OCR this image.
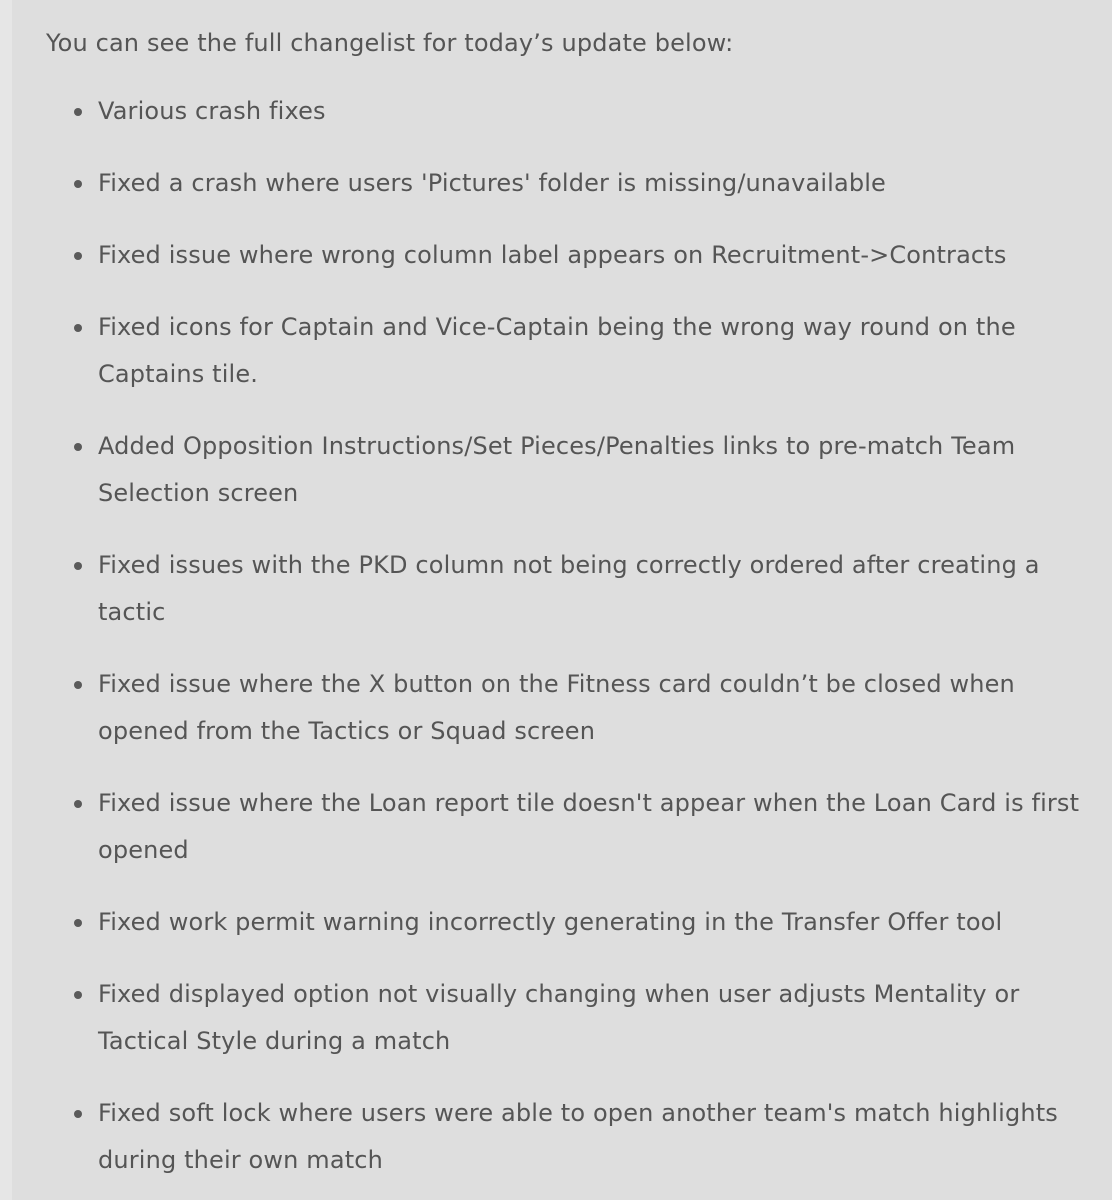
You can see the full changelist for today’s update below:

Various crash fixes
Fixed a crash where users 'Pictures' folder is missing/unavailable
Fixed issue where wrong column label appears on Recruitment->Contracts
Fixed icons for Captain and Vice-Captain being the wrong way round on the Captains tile.
Added Opposition Instructions/Set Pieces/Penalties links to pre-match Team Selection screen
Fixed issues with the PKD column not being correctly ordered after creating a tactic
Fixed issue where the X button on the Fitness card couldn’t be closed when opened from the Tactics or Squad screen
Fixed issue where the Loan report tile doesn't appear when the Loan Card is first opened
Fixed work permit warning incorrectly generating in the Transfer Offer tool
Fixed displayed option not visually changing when user adjusts Mentality or Tactical Style during a match
Fixed soft lock where users were able to open another team's match highlights during their own match
